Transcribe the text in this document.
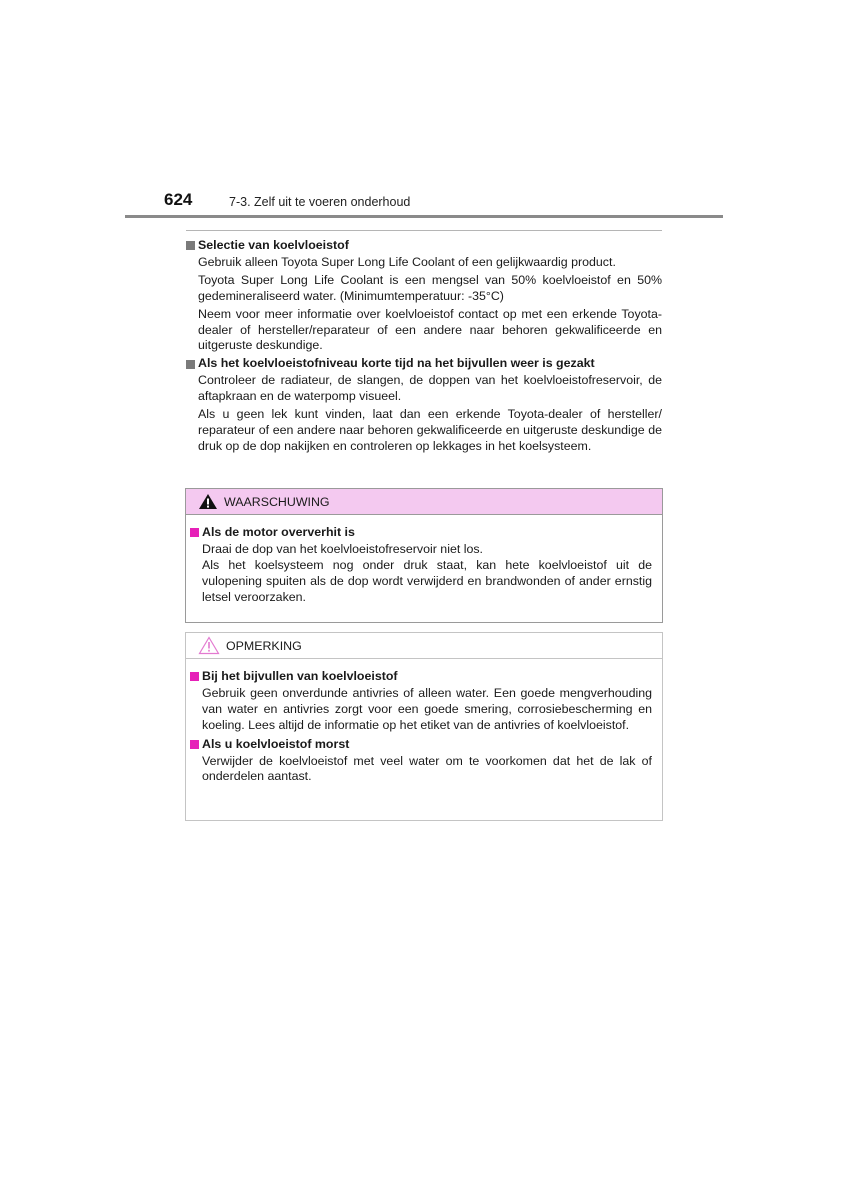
624	7-3. Zelf uit te voeren onderhoud
Selectie van koelvloeistof
Gebruik alleen Toyota Super Long Life Coolant of een gelijkwaardig product.
Toyota Super Long Life Coolant is een mengsel van 50% koelvloeistof en 50% gedemineraliseerd water. (Minimumtemperatuur: -35°C)
Neem voor meer informatie over koelvloeistof contact op met een erkende Toyota-dealer of hersteller/reparateur of een andere naar behoren gekwalificeerde en uitgeruste deskundige.
Als het koelvloeistofniveau korte tijd na het bijvullen weer is gezakt
Controleer de radiateur, de slangen, de doppen van het koelvloeistofreservoir, de aftapkraan en de waterpomp visueel.
Als u geen lek kunt vinden, laat dan een erkende Toyota-dealer of hersteller/ reparateur of een andere naar behoren gekwalificeerde en uitgeruste deskundige de druk op de dop nakijken en controleren op lekkages in het koelsysteem.
WAARSCHUWING
Als de motor oververhit is
Draai de dop van het koelvloeistofreservoir niet los.
Als het koelsysteem nog onder druk staat, kan hete koelvloeistof uit de vulopening spuiten als de dop wordt verwijderd en brandwonden of ander ernstig letsel veroorzaken.
OPMERKING
Bij het bijvullen van koelvloeistof
Gebruik geen onverdunde antivries of alleen water. Een goede mengverhouding van water en antivries zorgt voor een goede smering, corrosiebescherming en koeling. Lees altijd de informatie op het etiket van de antivries of koelvloeistof.
Als u koelvloeistof morst
Verwijder de koelvloeistof met veel water om te voorkomen dat het de lak of onderdelen aantast.
